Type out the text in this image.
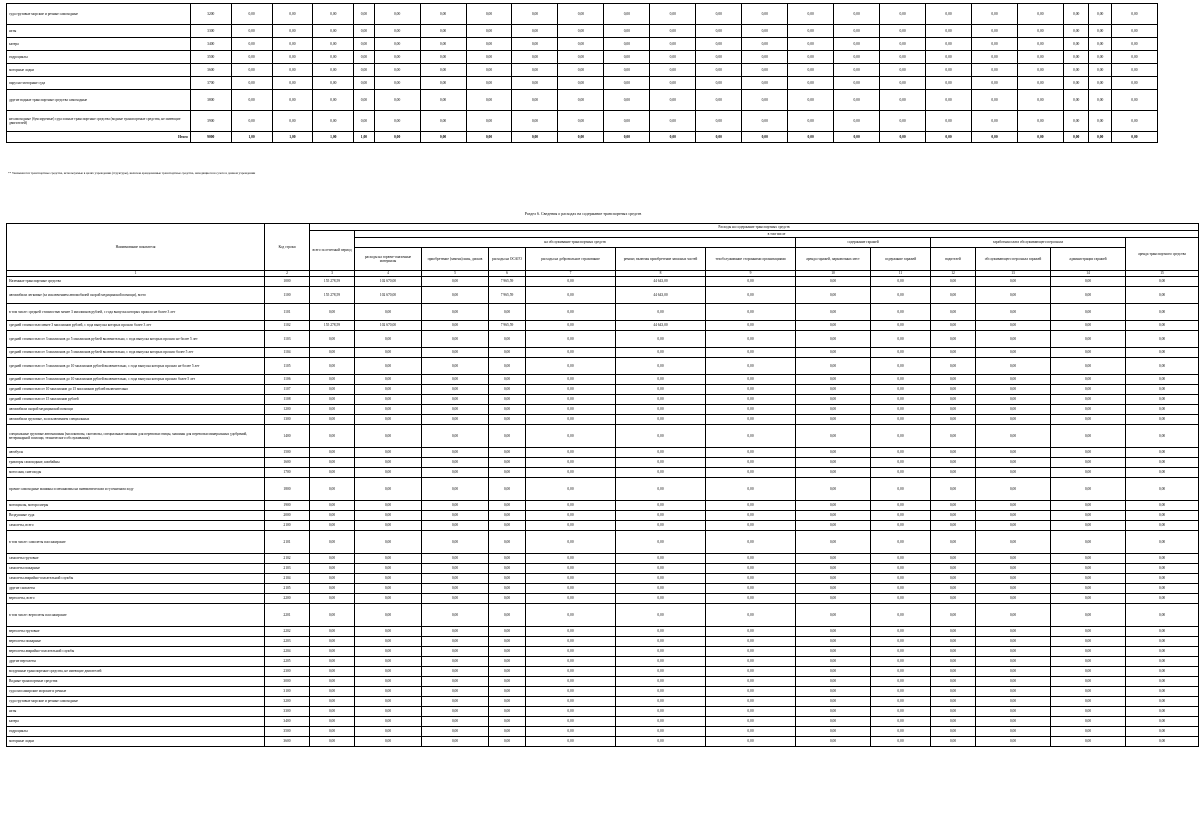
суда грузовые морские и речные самоходные	3200	0,00	0,00	0,00	0,00	0,00	0,00	0,00	0,00	0,00	0,00	0,00	0,00	0,00	0,00	0,00	0,00	0,00	0,00	0,00	0,00	0,00	0,00
яхты	3300	0,00	0,00	0,00	0,00	0,00	0,00	0,00	0,00	0,00	0,00	0,00	0,00	0,00	0,00	0,00	0,00	0,00	0,00	0,00	0,00	0,00	0,00
катера	3400	0,00	0,00	0,00	0,00	0,00	0,00	0,00	0,00	0,00	0,00	0,00	0,00	0,00	0,00	0,00	0,00	0,00	0,00	0,00	0,00	0,00	0,00
гидроциклы	3500	0,00	0,00	0,00	0,00	0,00	0,00	0,00	0,00	0,00	0,00	0,00	0,00	0,00	0,00	0,00	0,00	0,00	0,00	0,00	0,00	0,00	0,00
моторные лодки	3600	0,00	0,00	0,00	0,00	0,00	0,00	0,00	0,00	0,00	0,00	0,00	0,00	0,00	0,00	0,00	0,00	0,00	0,00	0,00	0,00	0,00	0,00
парусно-моторные суда	3700	0,00	0,00	0,00	0,00	0,00	0,00	0,00	0,00	0,00	0,00	0,00	0,00	0,00	0,00	0,00	0,00	0,00	0,00	0,00	0,00	0,00	0,00
другие водные транспортные средства самоходные	3800	0,00	0,00	0,00	0,00	0,00	0,00	0,00	0,00	0,00	0,00	0,00	0,00	0,00	0,00	0,00	0,00	0,00	0,00	0,00	0,00	0,00	0,00
несамоходные (буксируемые) суда и иные транспортные средства (водные транспортные средства, не имеющие двигателей)	3900	0,00	0,00	0,00	0,00	0,00	0,00	0,00	0,00	0,00	0,00	0,00	0,00	0,00	0,00	0,00	0,00	0,00	0,00	0,00	0,00	0,00	0,00
Итого	9000	1,00	1,00	1,00	1,00	0,00	0,00	0,00	0,00	0,00	0,00	0,00	0,00	0,00	0,00	0,00	0,00	0,00	0,00	0,00	0,00	0,00	0,00
** Указываются транспортные средства, используемые в целях учреждения (структуры), включая арендованные транспортные средства, находящиеся на учете в данном учреждении
Раздел 6. Сведения о расходах на содержание транспортных средств
Наименование показателя	Код строки	Расходы на содержание транспортных средств												
		всего за отчетный период	в том числе											
			на обслуживание транспортных средств						содержание гаражей		заработная плата обслуживающего персонала			аренда транспортного средства
			расходы на горюче-смазочные материалы	приобретение (замена) шин, дисков	расходы на ОСАГО	расходы на добровольное страхование	ремонт, включая приобретение запасных частей	техобслуживание сторонними организациями	аренда гаражей, парковочных мест	содержание гаражей	водителей	обслуживающего персонала гаражей	администрации гаражей	
1	2	3	4	5	6	7	8	9	10	11	12	13	14	15
Наземные транспортные средства	1000	155 278,59	102 670,00	0,00	7 965,59	0,00	44 643,00	0,00	0,00	0,00	0,00	0,00	0,00	0,00
автомобили легковые (за исключением автомобилей скорой медицинской помощи), всего	1100	155 278,59	102 670,00	0,00	7 965,59	0,00	44 643,00	0,00	0,00	0,00	0,00	0,00	0,00	0,00
в том числе: средней стоимостью менее 3 миллионов рублей, с года выпуска которых прошло не более 3 лет	1101	0,00	0,00	0,00	0,00	0,00	0,00	0,00	0,00	0,00	0,00	0,00	0,00	0,00
средней стоимостью менее 3 миллионов рублей, с года выпуска которых прошло более 3 лет	1102	155 278,59	102 670,00	0,00	7 965,59	0,00	44 643,00	0,00	0,00	0,00	0,00	0,00	0,00	0,00
средней стоимостью от 3 миллионов до 5 миллионов рублей включительно, с года выпуска которых прошло не более 5 лет	1103	0,00	0,00	0,00	0,00	0,00	0,00	0,00	0,00	0,00	0,00	0,00	0,00	0,00
средней стоимостью от 3 миллионов до 5 миллионов рублей включительно, с года выпуска которых прошло более 5 лет	1104	0,00	0,00	0,00	0,00	0,00	0,00	0,00	0,00	0,00	0,00	0,00	0,00	0,00
средней стоимостью от 5 миллионов до 10 миллионов рублей включительно, с года выпуска которых прошло не более 5 лет	1105	0,00	0,00	0,00	0,00	0,00	0,00	0,00	0,00	0,00	0,00	0,00	0,00	0,00
средней стоимостью от 5 миллионов до 10 миллионов рублей включительно, с года выпуска которых прошло более 5 лет	1106	0,00	0,00	0,00	0,00	0,00	0,00	0,00	0,00	0,00	0,00	0,00	0,00	0,00
средней стоимостью от 10 миллионов до 15 миллионов рублей включительно	1107	0,00	0,00	0,00	0,00	0,00	0,00	0,00	0,00	0,00	0,00	0,00	0,00	0,00
средней стоимостью от 15 миллионов рублей	1108	0,00	0,00	0,00	0,00	0,00	0,00	0,00	0,00	0,00	0,00	0,00	0,00	0,00
автомобили скорой медицинской помощи	1200	0,00	0,00	0,00	0,00	0,00	0,00	0,00	0,00	0,00	0,00	0,00	0,00	0,00
автомобили грузовые, за исключением специальных	1300	0,00	0,00	0,00	0,00	0,00	0,00	0,00	0,00	0,00	0,00	0,00	0,00	0,00
специальные грузовые автомашины (молоковозы, скотовозы, специальные машины для перевозки птицы, машины для перевозки минеральных удобрений, ветеринарной помощи, технического обслуживания)	1400	0,00	0,00	0,00	0,00	0,00	0,00	0,00	0,00	0,00	0,00	0,00	0,00	0,00
автобусы	1500	0,00	0,00	0,00	0,00	0,00	0,00	0,00	0,00	0,00	0,00	0,00	0,00	0,00
тракторы самоходные, комбайны	1600	0,00	0,00	0,00	0,00	0,00	0,00	0,00	0,00	0,00	0,00	0,00	0,00	0,00
мотосани, снегоходы	1700	0,00	0,00	0,00	0,00	0,00	0,00	0,00	0,00	0,00	0,00	0,00	0,00	0,00
прочие самоходные машины и механизмы на пневматическом и гусеничном ходу	1800	0,00	0,00	0,00	0,00	0,00	0,00	0,00	0,00	0,00	0,00	0,00	0,00	0,00
мотоциклы, мотороллеры	1900	0,00	0,00	0,00	0,00	0,00	0,00	0,00	0,00	0,00	0,00	0,00	0,00	0,00
Воздушные суда	2000	0,00	0,00	0,00	0,00	0,00	0,00	0,00	0,00	0,00	0,00	0,00	0,00	0,00
самолеты, всего	2100	0,00	0,00	0,00	0,00	0,00	0,00	0,00	0,00	0,00	0,00	0,00	0,00	0,00
в том числе: самолеты пассажирские	2101	0,00	0,00	0,00	0,00	0,00	0,00	0,00	0,00	0,00	0,00	0,00	0,00	0,00
самолеты грузовые	2102	0,00	0,00	0,00	0,00	0,00	0,00	0,00	0,00	0,00	0,00	0,00	0,00	0,00
самолеты пожарные	2103	0,00	0,00	0,00	0,00	0,00	0,00	0,00	0,00	0,00	0,00	0,00	0,00	0,00
самолеты аварийно-спасательной службы	2104	0,00	0,00	0,00	0,00	0,00	0,00	0,00	0,00	0,00	0,00	0,00	0,00	0,00
другие самолеты	2105	0,00	0,00	0,00	0,00	0,00	0,00	0,00	0,00	0,00	0,00	0,00	0,00	0,00
вертолеты, всего	2200	0,00	0,00	0,00	0,00	0,00	0,00	0,00	0,00	0,00	0,00	0,00	0,00	0,00
в том числе: вертолеты пассажирские	2201	0,00	0,00	0,00	0,00	0,00	0,00	0,00	0,00	0,00	0,00	0,00	0,00	0,00
вертолеты грузовые	2202	0,00	0,00	0,00	0,00	0,00	0,00	0,00	0,00	0,00	0,00	0,00	0,00	0,00
вертолеты пожарные	2203	0,00	0,00	0,00	0,00	0,00	0,00	0,00	0,00	0,00	0,00	0,00	0,00	0,00
вертолеты аварийно-спасательной службы	2204	0,00	0,00	0,00	0,00	0,00	0,00	0,00	0,00	0,00	0,00	0,00	0,00	0,00
другие вертолеты	2205	0,00	0,00	0,00	0,00	0,00	0,00	0,00	0,00	0,00	0,00	0,00	0,00	0,00
воздушные транспортные средства, не имеющие двигателей	2300	0,00	0,00	0,00	0,00	0,00	0,00	0,00	0,00	0,00	0,00	0,00	0,00	0,00
Водные транспортные средства	3000	0,00	0,00	0,00	0,00	0,00	0,00	0,00	0,00	0,00	0,00	0,00	0,00	0,00
суда пассажирские морские и речные	3100	0,00	0,00	0,00	0,00	0,00	0,00	0,00	0,00	0,00	0,00	0,00	0,00	0,00
суда грузовые морские и речные самоходные	3200	0,00	0,00	0,00	0,00	0,00	0,00	0,00	0,00	0,00	0,00	0,00	0,00	0,00
яхты	3300	0,00	0,00	0,00	0,00	0,00	0,00	0,00	0,00	0,00	0,00	0,00	0,00	0,00
катера	3400	0,00	0,00	0,00	0,00	0,00	0,00	0,00	0,00	0,00	0,00	0,00	0,00	0,00
гидроциклы	3500	0,00	0,00	0,00	0,00	0,00	0,00	0,00	0,00	0,00	0,00	0,00	0,00	0,00
моторные лодки	3600	0,00	0,00	0,00	0,00	0,00	0,00	0,00	0,00	0,00	0,00	0,00	0,00	0,00
